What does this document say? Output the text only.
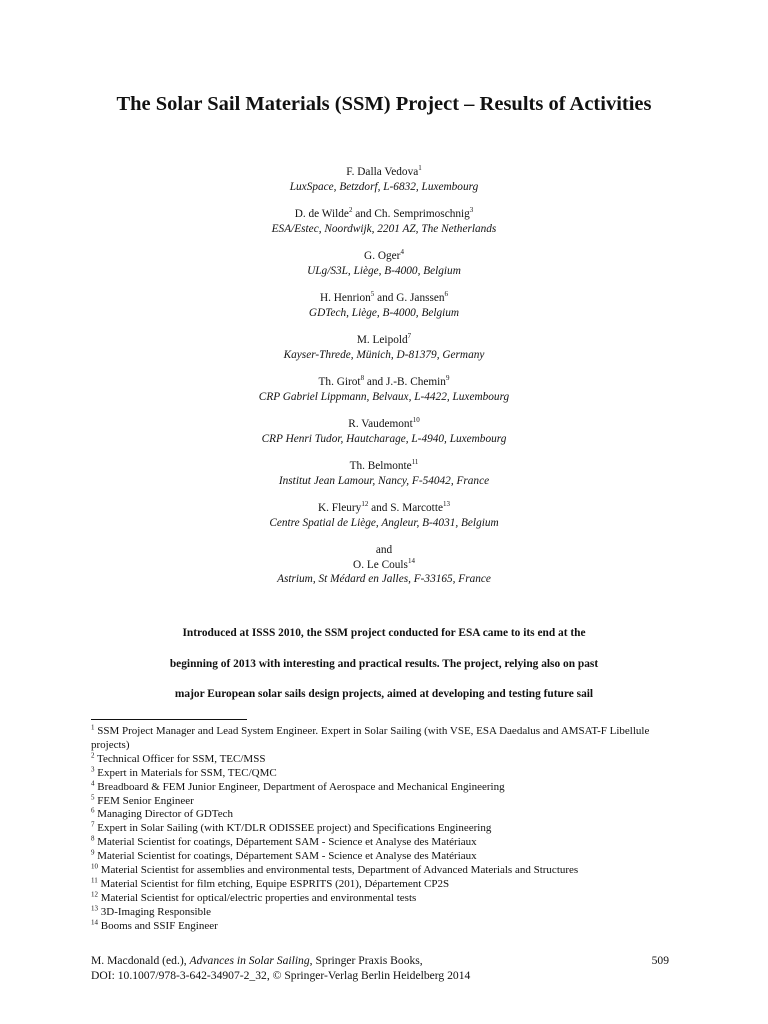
The Solar Sail Materials (SSM) Project – Results of Activities
F. Dalla Vedova$^1$
LuxSpace, Betzdorf, L-6832, Luxembourg
D. de Wilde$^2$ and Ch. Semprimoschnig$^3$
ESA/Estec, Noordwijk, 2201 AZ, The Netherlands
G. Oger$^4$
ULg/S3L, Liège, B-4000, Belgium
H. Henrion$^5$ and G. Janssen$^6$
GDTech, Liège, B-4000, Belgium
M. Leipold$^7$
Kayser-Threde, Münich, D-81379, Germany
Th. Girot$^8$ and J.-B. Chemin$^9$
CRP Gabriel Lippmann, Belvaux, L-4422, Luxembourg
R. Vaudemont$^{10}$
CRP Henri Tudor, Hautcharage, L-4940, Luxembourg
Th. Belmonte$^{11}$
Institut Jean Lamour, Nancy, F-54042, France
K. Fleury$^{12}$ and S. Marcotte$^{13}$
Centre Spatial de Liège, Angleur, B-4031, Belgium
and
O. Le Couls$^{14}$
Astrium, St Médard en Jalles, F-33165, France
Introduced at ISSS 2010, the SSM project conducted for ESA came to its end at the
beginning of 2013 with interesting and practical results. The project, relying also on past
major European solar sails design projects, aimed at developing and testing future sail
$^1$ SSM Project Manager and Lead System Engineer. Expert in Solar Sailing (with VSE, ESA Daedalus and AMSAT-F Libellule projects)
$^2$ Technical Officer for SSM, TEC/MSS
$^3$ Expert in Materials for SSM, TEC/QMC
$^4$ Breadboard & FEM Junior Engineer, Department of Aerospace and Mechanical Engineering
$^5$ FEM Senior Engineer
$^6$ Managing Director of GDTech
$^7$ Expert in Solar Sailing (with KT/DLR ODISSEE project) and Specifications Engineering
$^8$ Material Scientist for coatings, Département SAM - Science et Analyse des Matériaux
$^9$ Material Scientist for coatings, Département SAM - Science et Analyse des Matériaux
$^{10}$ Material Scientist for assemblies and environmental tests, Department of Advanced Materials and Structures
$^{11}$ Material Scientist for film etching, Equipe ESPRITS (201), Département CP2S
$^{12}$ Material Scientist for optical/electric properties and environmental tests
$^{13}$ 3D-Imaging Responsible
$^{14}$ Booms and SSIF Engineer
M. Macdonald (ed.), Advances in Solar Sailing, Springer Praxis Books,
DOI: 10.1007/978-3-642-34907-2_32, © Springer-Verlag Berlin Heidelberg 2014
509
